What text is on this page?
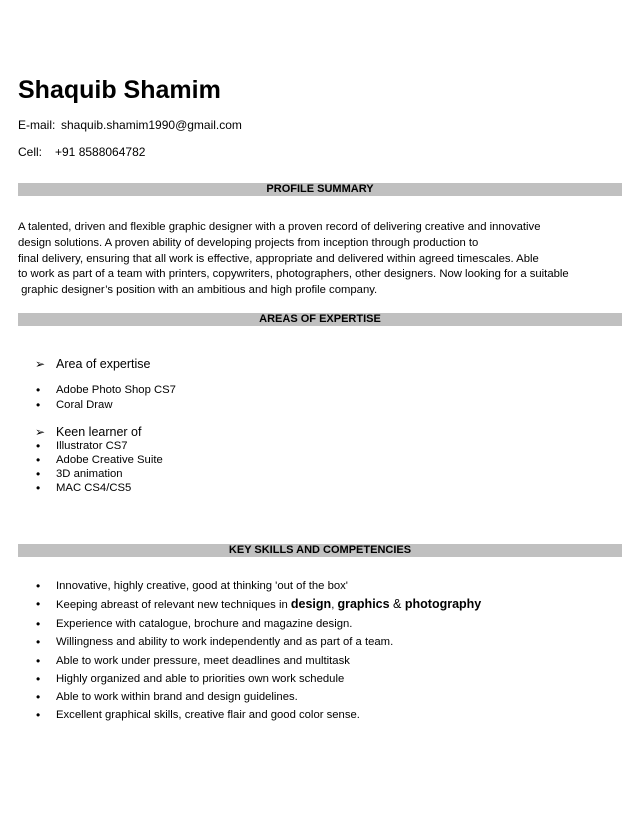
Shaquib Shamim
E-mail: shaquib.shamim1990@gmail.com
Cell: +91 8588064782
PROFILE SUMMARY
A talented, driven and flexible graphic designer with a proven record of delivering creative and innovative
design solutions. A proven ability of developing projects from inception through production to
final delivery, ensuring that all work is effective, appropriate and delivered within agreed timescales. Able
to work as part of a team with printers, copywriters, photographers, other designers. Now looking for a suitable
graphic designer’s position with an ambitious and high profile company.
AREAS OF EXPERTISE
➢ Area of expertise
• Adobe Photo Shop CS7
• Coral Draw
➢ Keen learner of
• Illustrator CS7
• Adobe Creative Suite
• 3D animation
• MAC CS4/CS5
KEY SKILLS AND COMPETENCIES
• Innovative, highly creative, good at thinking 'out of the box'
• Keeping abreast of relevant new techniques in design, graphics & photography
• Experience with catalogue, brochure and magazine design.
• Willingness and ability to work independently and as part of a team.
• Able to work under pressure, meet deadlines and multitask
• Highly organized and able to priorities own work schedule
• Able to work within brand and design guidelines.
• Excellent graphical skills, creative flair and good color sense.
